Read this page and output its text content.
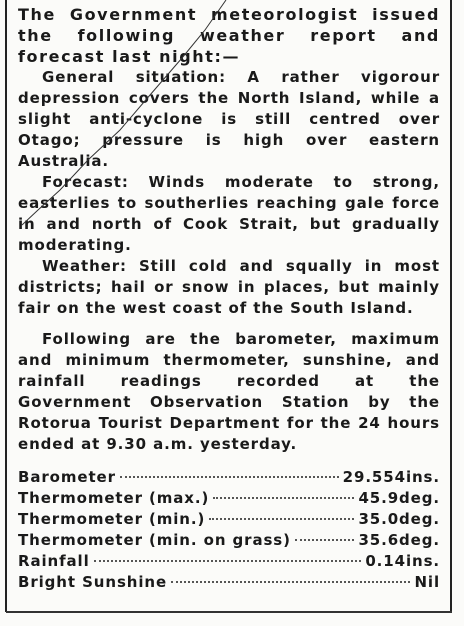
The Government meteorologist issued the following weather report and forecast last night:—

General situation: A rather vigorour depression covers the North Island, while a slight anti-cyclone is still centred over Otago; pressure is high over eastern Australia.

Forecast: Winds moderate to strong, easterlies to southerlies reaching gale force in and north of Cook Strait, but gradually moderating.

Weather: Still cold and squally in most districts; hail or snow in places, but mainly fair on the west coast of the South Island.

Following are the barometer, maximum and minimum thermometer, sunshine, and rainfall readings recorded at the Government Observation Station by the Rotorua Tourist Department for the 24 hours ended at 9.30 a.m. yesterday.

Barometer	29.554ins.
Thermometer (max.)	45.9deg.
Thermometer (min.)	35.0deg.
Thermometer (min. on grass)	35.6deg.
Rainfall	0.14ins.
Bright Sunshine	Nil
